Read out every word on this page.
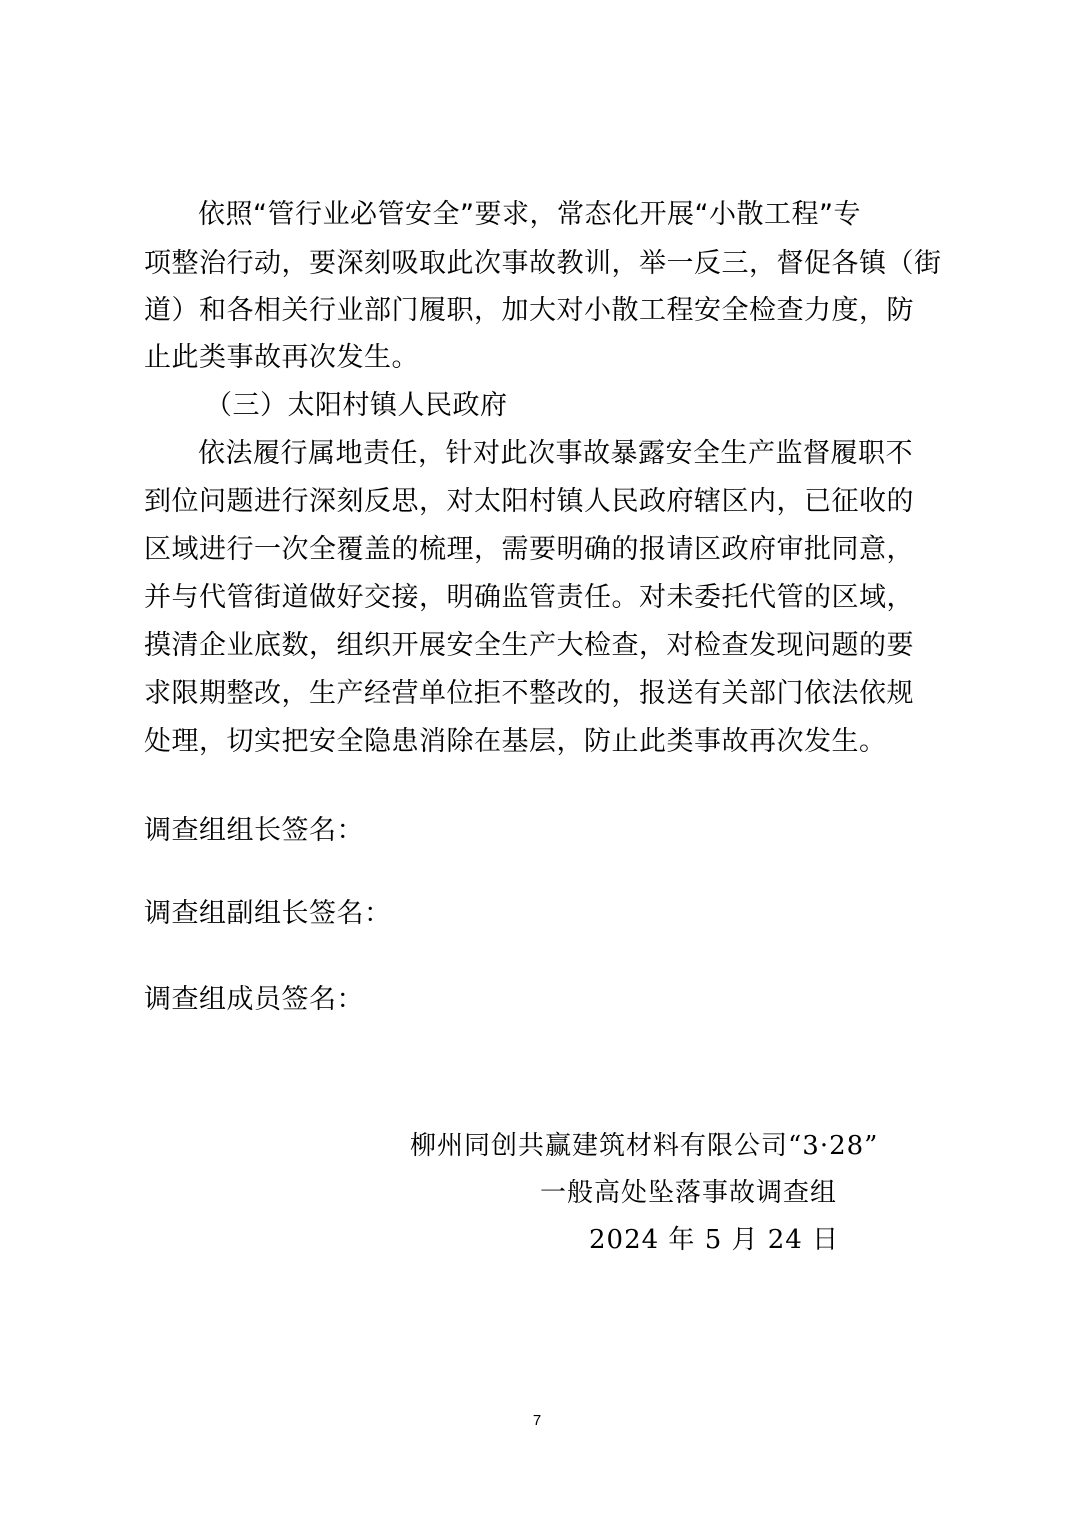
依照“管行业必管安全”要求，常态化开展“小散工程”专
项整治行动，要深刻吸取此次事故教训，举一反三，督促各镇（街
道）和各相关行业部门履职，加大对小散工程安全检查力度，防
止此类事故再次发生。
（三）太阳村镇人民政府
依法履行属地责任，针对此次事故暴露安全生产监督履职不
到位问题进行深刻反思，对太阳村镇人民政府辖区内，已征收的
区域进行一次全覆盖的梳理，需要明确的报请区政府审批同意，
并与代管街道做好交接，明确监管责任。对未委托代管的区域，
摸清企业底数，组织开展安全生产大检查，对检查发现问题的要
求限期整改，生产经营单位拒不整改的，报送有关部门依法依规
处理，切实把安全隐患消除在基层，防止此类事故再次发生。
调查组组长签名：
调查组副组长签名：
调查组成员签名：
柳州同创共赢建筑材料有限公司“3·28”
一般高处坠落事故调查组
2024 年 5 月 24 日
7
